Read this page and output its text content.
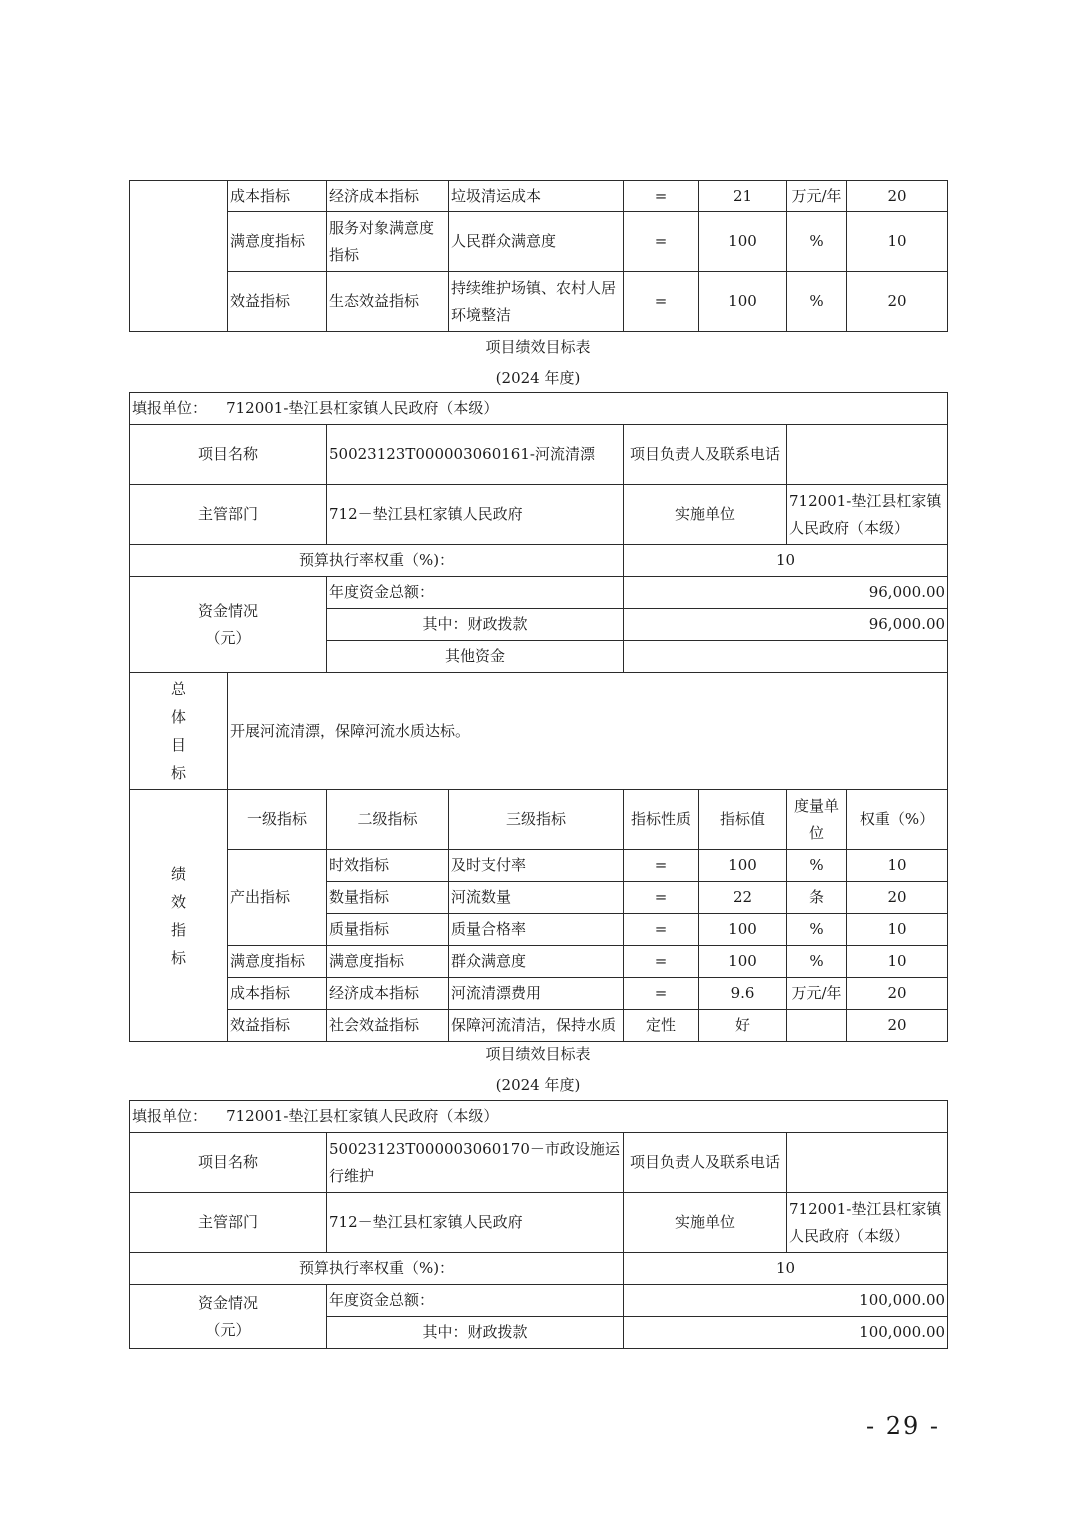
	成本指标	经济成本指标	垃圾清运成本	=	21	万元/年	20
	满意度指标	服务对象满意度指标	人民群众满意度	=	100	%	10
	效益指标	生态效益指标	持续维护场镇、农村人居环境整洁	=	100	%	20
项目绩效目标表
(2024 年度)
填报单位： 712001-垫江县杠家镇人民政府（本级）							
项目名称		50023123T000003060161-河流清漂		项目负责人及联系电话			
主管部门		712－垫江县杠家镇人民政府		实施单位		712001-垫江县杠家镇人民政府（本级）	
预算执行率权重（%)：				10			

资金情况
（元）		年度资金总额：		96,000.00			
		其中：财政拨款		96,000.00			
		其他资金					

总
体
目
标	开展河流清漂，保障河流水质达标。						

绩
效
指
标	一级指标	二级指标	三级指标	指标性质	指标值	度量单位	权重（%）
	产出指标	时效指标	及时支付率	=	100	%	10
		数量指标	河流数量	=	22	条	20
		质量指标	质量合格率	=	100	%	10
	满意度指标	满意度指标	群众满意度	=	100	%	10
	成本指标	经济成本指标	河流清漂费用	=	9.6	万元/年	20
	效益指标	社会效益指标	保障河流清洁，保持水质	定性	好		20
项目绩效目标表
(2024 年度)
填报单位： 712001-垫江县杠家镇人民政府（本级）			
项目名称	50023123T000003060170－市政设施运行维护	项目负责人及联系电话	
主管部门	712－垫江县杠家镇人民政府	实施单位	712001-垫江县杠家镇人民政府（本级）
预算执行率权重（%)：		10	

资金情况
（元）	年度资金总额：	100,000.00	
	其中：财政拨款	100,000.00	
- 29 -
